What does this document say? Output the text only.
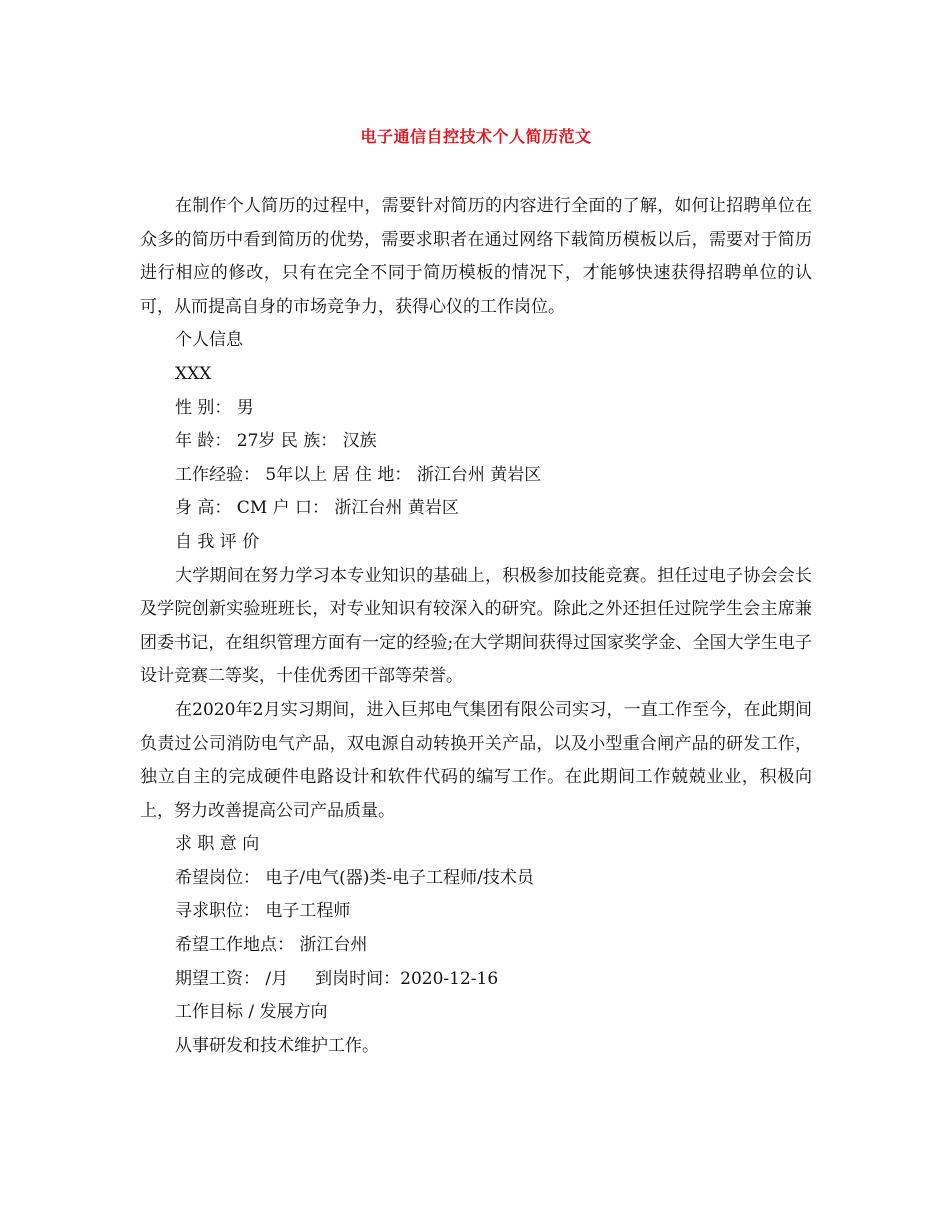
电子通信自控技术个人简历范文

在制作个人简历的过程中，需要针对简历的内容进行全面的了解，如何让招聘单位在众多的简历中看到简历的优势，需要求职者在通过网络下载简历模板以后，需要对于简历进行相应的修改，只有在完全不同于简历模板的情况下，才能够快速获得招聘单位的认可，从而提高自身的市场竞争力，获得心仪的工作岗位。

个人信息

XXX

性 别： 男

年 龄： 27岁 民 族： 汉族

工作经验： 5年以上 居 住 地： 浙江台州 黄岩区

身 高： CM 户 口： 浙江台州 黄岩区

自 我 评 价

大学期间在努力学习本专业知识的基础上，积极参加技能竞赛。担任过电子协会会长及学院创新实验班班长，对专业知识有较深入的研究。除此之外还担任过院学生会主席兼团委书记，在组织管理方面有一定的经验;在大学期间获得过国家奖学金、全国大学生电子设计竞赛二等奖，十佳优秀团干部等荣誉。

在2020年2月实习期间，进入巨邦电气集团有限公司实习，一直工作至今，在此期间负责过公司消防电气产品，双电源自动转换开关产品，以及小型重合闸产品的研发工作，独立自主的完成硬件电路设计和软件代码的编写工作。在此期间工作兢兢业业，积极向上，努力改善提高公司产品质量。

求 职 意 向

希望岗位： 电子/电气(器)类-电子工程师/技术员

寻求职位： 电子工程师

希望工作地点： 浙江台州

期望工资： /月     到岗时间：2020-12-16

工作目标 / 发展方向

从事研发和技术维护工作。
